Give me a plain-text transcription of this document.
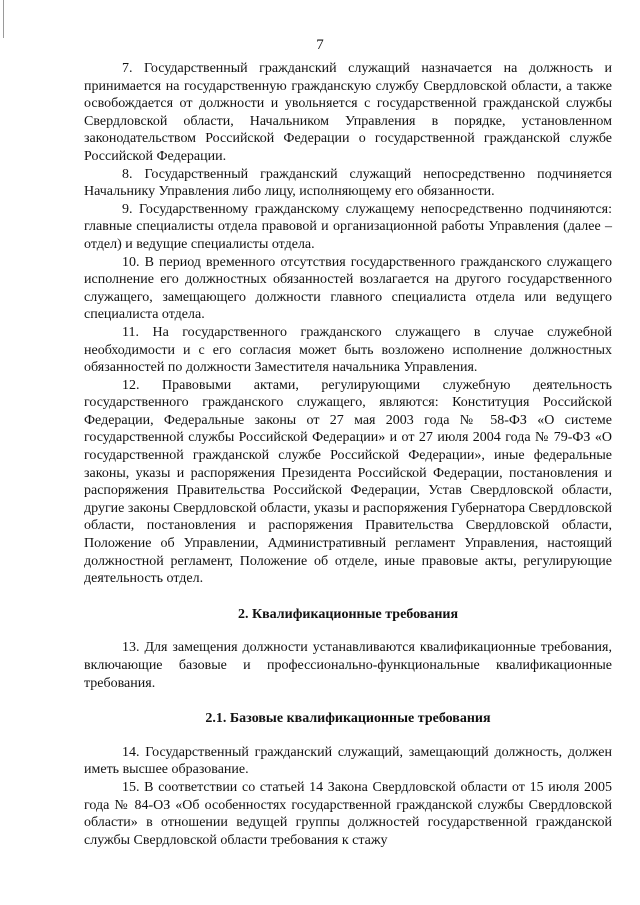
7

7. Государственный гражданский служащий назначается на должность и принимается на государственную гражданскую службу Свердловской области, а также освобождается от должности и увольняется с государственной гражданской службы Свердловской области, Начальником Управления в порядке, установленном законодательством Российской Федерации о государственной гражданской службе Российской Федерации.

8. Государственный гражданский служащий непосредственно подчиняется Начальнику Управления либо лицу, исполняющему его обязанности.

9. Государственному гражданскому служащему непосредственно подчиняются: главные специалисты отдела правовой и организационной работы Управления (далее – отдел) и ведущие специалисты отдела.

10. В период временного отсутствия государственного гражданского служащего исполнение его должностных обязанностей возлагается на другого государственного служащего, замещающего должности главного специалиста отдела или ведущего специалиста отдела.

11. На государственного гражданского служащего в случае служебной необходимости и с его согласия может быть возложено исполнение должностных обязанностей по должности Заместителя начальника Управления.

12. Правовыми актами, регулирующими служебную деятельность государственного гражданского служащего, являются: Конституция Российской Федерации, Федеральные законы от 27 мая 2003 года № 58-ФЗ «О системе государственной службы Российской Федерации» и от 27 июля 2004 года № 79-ФЗ «О государственной гражданской службе Российской Федерации», иные федеральные законы, указы и распоряжения Президента Российской Федерации, постановления и распоряжения Правительства Российской Федерации, Устав Свердловской области, другие законы Свердловской области, указы и распоряжения Губернатора Свердловской области, постановления и распоряжения Правительства Свердловской области, Положение об Управлении, Административный регламент Управления, настоящий должностной регламент, Положение об отделе, иные правовые акты, регулирующие деятельность отдел.

2. Квалификационные требования

13. Для замещения должности устанавливаются квалификационные требования, включающие базовые и профессионально-функциональные квалификационные требования.

2.1. Базовые квалификационные требования

14. Государственный гражданский служащий, замещающий должность, должен иметь высшее образование.

15. В соответствии со статьей 14 Закона Свердловской области от 15 июля 2005 года № 84-ОЗ «Об особенностях государственной гражданской службы Свердловской области» в отношении ведущей группы должностей государственной гражданской службы Свердловской области требования к стажу
